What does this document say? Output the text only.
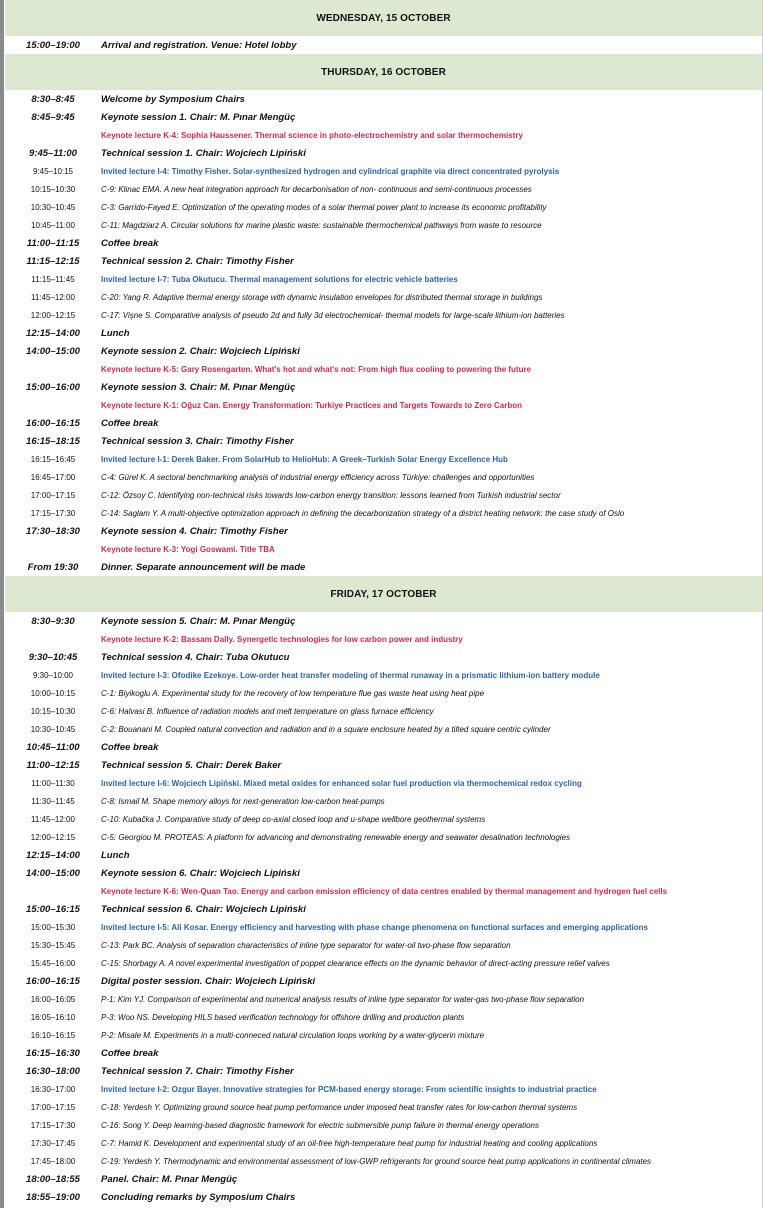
WEDNESDAY, 15 OCTOBER
15:00–19:00	Arrival and registration. Venue: Hotel lobby
THURSDAY, 16 OCTOBER
8:30–8:45	Welcome by Symposium Chairs
8:45–9:45	Keynote session 1. Chair: M. Pınar Mengüç
Keynote lecture K-4: Sophia Haussener. Thermal science in photo-electrochemistry and solar thermochemistry
9:45–11:00	Technical session 1. Chair: Wojciech Lipiński
9:45–10:15	Invited lecture I-4: Timothy Fisher. Solar-synthesized hydrogen and cylindrical graphite via direct concentrated pyrolysis
10:15–10:30	C-9: Klinac EMA. A new heat integration approach for decarbonisation of non- continuous and semi-continuous processes
10:30–10:45	C-3: Garrido-Fayed E. Optimization of the operating modes of a solar thermal power plant to increase its economic profitability
10:45–11:00	C-11: Magdziarz A. Circular solutions for marine plastic waste: sustainable thermochemical pathways from waste to resource
11:00–11:15	Coffee break
11:15–12:15	Technical session 2. Chair: Timothy Fisher
11:15–11:45	Invited lecture I-7: Tuba Okutucu. Thermal management solutions for electric vehicle batteries
11:45–12:00	C-20: Yang R. Adaptive thermal energy storage with dynamic insulation envelopes for distributed thermal storage in buildings
12:00–12:15	C-17: Vişne S. Comparative analysis of pseudo 2d and fully 3d electrochemical- thermal models for large-scale lithium-ion batteries
12:15–14:00	Lunch
14:00–15:00	Keynote session 2. Chair: Wojciech Lipiński
Keynote lecture K-5: Gary Rosengarten. What's hot and what's not: From high flux cooling to powering the future
15:00–16:00	Keynote session 3. Chair: M. Pınar Mengüç
Keynote lecture K-1: Oğuz Can. Energy Transformation: Turkiye Practices and Targets Towards to Zero Carbon
16:00–16:15	Coffee break
16:15–18:15	Technical session 3. Chair: Timothy Fisher
16:15–16:45	Invited lecture I-1: Derek Baker. From SolarHub to HelioHub: A Greek–Turkish Solar Energy Excellence Hub
16:45–17:00	C-4: Gürel K. A sectoral benchmarking analysis of industrial energy efficiency across Türkiye: challenges and opportunities
17:00–17:15	C-12: Özsoy C. Identifying non-technical risks towards low-carbon energy transition: lessons learned from Turkish industrial sector
17:15–17:30	C-14: Saglam Y. A multi-objective optimization approach in defining the decarbonization strategy of a district heating network: the case study of Oslo
17:30–18:30	Keynote session 4. Chair: Timothy Fisher
Keynote lecture K-3: Yogi Goswami. Title TBA
From 19:30	Dinner. Separate announcement will be made
FRIDAY, 17 OCTOBER
8:30–9:30	Keynote session 5. Chair: M. Pınar Mengüç
Keynote lecture K-2: Bassam Dally. Synergetic technologies for low carbon power and industry
9:30–10:45	Technical session 4. Chair: Tuba Okutucu
9:30–10:00	Invited lecture I-3: Ofodike Ezekoye. Low-order heat transfer modeling of thermal runaway in a prismatic lithium-ion battery module
10:00–10:15	C-1: Biyikoglu A. Experimental study for the recovery of low temperature flue gas waste heat using heat pipe
10:15–10:30	C-6: Halvasi B. Influence of radiation models and melt temperature on glass furnace efficiency
10:30–10:45	C-2: Bouanani M. Coupled natural convection and radiation and in a square enclosure heated by a tilted square centric cylinder
10:45–11:00	Coffee break
11:00–12:15	Technical session 5. Chair: Derek Baker
11:00–11:30	Invited lecture I-6: Wojciech Lipiński. Mixed metal oxides for enhanced solar fuel production via thermochemical redox cycling
11:30–11:45	C-8: Ismail M. Shape memory alloys for next-generation low-carbon heat-pumps
11:45–12:00	C-10: Kubačka J. Comparative study of deep co-axial closed loop and u-shape wellbore geothermal systems
12:00–12:15	C-5: Georgiou M. PROTEAS: A platform for advancing and demonstrating renewable energy and seawater desalination technologies
12:15–14:00	Lunch
14:00–15:00	Keynote session 6. Chair: Wojciech Lipiński
Keynote lecture K-6: Wen-Quan Tao. Energy and carbon emission efficiency of data centres enabled by thermal management and hydrogen fuel cells
15:00–16:15	Technical session 6. Chair: Wojciech Lipiński
15:00–15:30	Invited lecture I-5: Ali Kosar. Energy efficiency and harvesting with phase change phenomena on functional surfaces and emerging applications
15:30–15:45	C-13: Park BC. Analysis of separation characteristics of inline type separator for water-oil two-phase flow separation
15:45–16:00	C-15: Shorbagy A. A novel experimental investigation of poppet clearance effects on the dynamic behavior of direct-acting pressure relief valves
16:00–16:15	Digital poster session. Chair: Wojciech Lipiński
16:00–16:05	P-1: Kim YJ. Comparison of experimental and numerical analysis results of inline type separator for water-gas two-phase flow separation
16:05–16:10	P-3: Woo NS. Developing HILS based verification technology for offshore drilling and production plants
16:10–16:15	P-2: Misale M. Experiments in a multi-conneced natural circulation loops working by a water-glycerin mixture
16:15–16:30	Coffee break
16:30–18:00	Technical session 7. Chair: Timothy Fisher
16:30–17:00	Invited lecture I-2: Ozgur Bayer. Innovative strategies for PCM-based energy storage: From scientific insights to industrial practice
17:00–17:15	C-18: Yerdesh Y. Optimizing ground source heat pump performance under imposed heat transfer rates for low-carbon thermal systems
17:15–17:30	C-16: Song Y. Deep learning-based diagnostic framework for electric submersible pump failure in thermal energy operations
17:30–17:45	C-7: Hamid K. Development and experimental study of an oil-free high-temperature heat pump for industrial heating and cooling applications
17:45–18:00	C-19: Yerdesh Y. Thermodynamic and environmental assessment of low-GWP refrigerants for ground source heat pump applications in continental climates
18:00–18:55	Panel. Chair: M. Pınar Mengüç
18:55–19:00	Concluding remarks by Symposium Chairs
